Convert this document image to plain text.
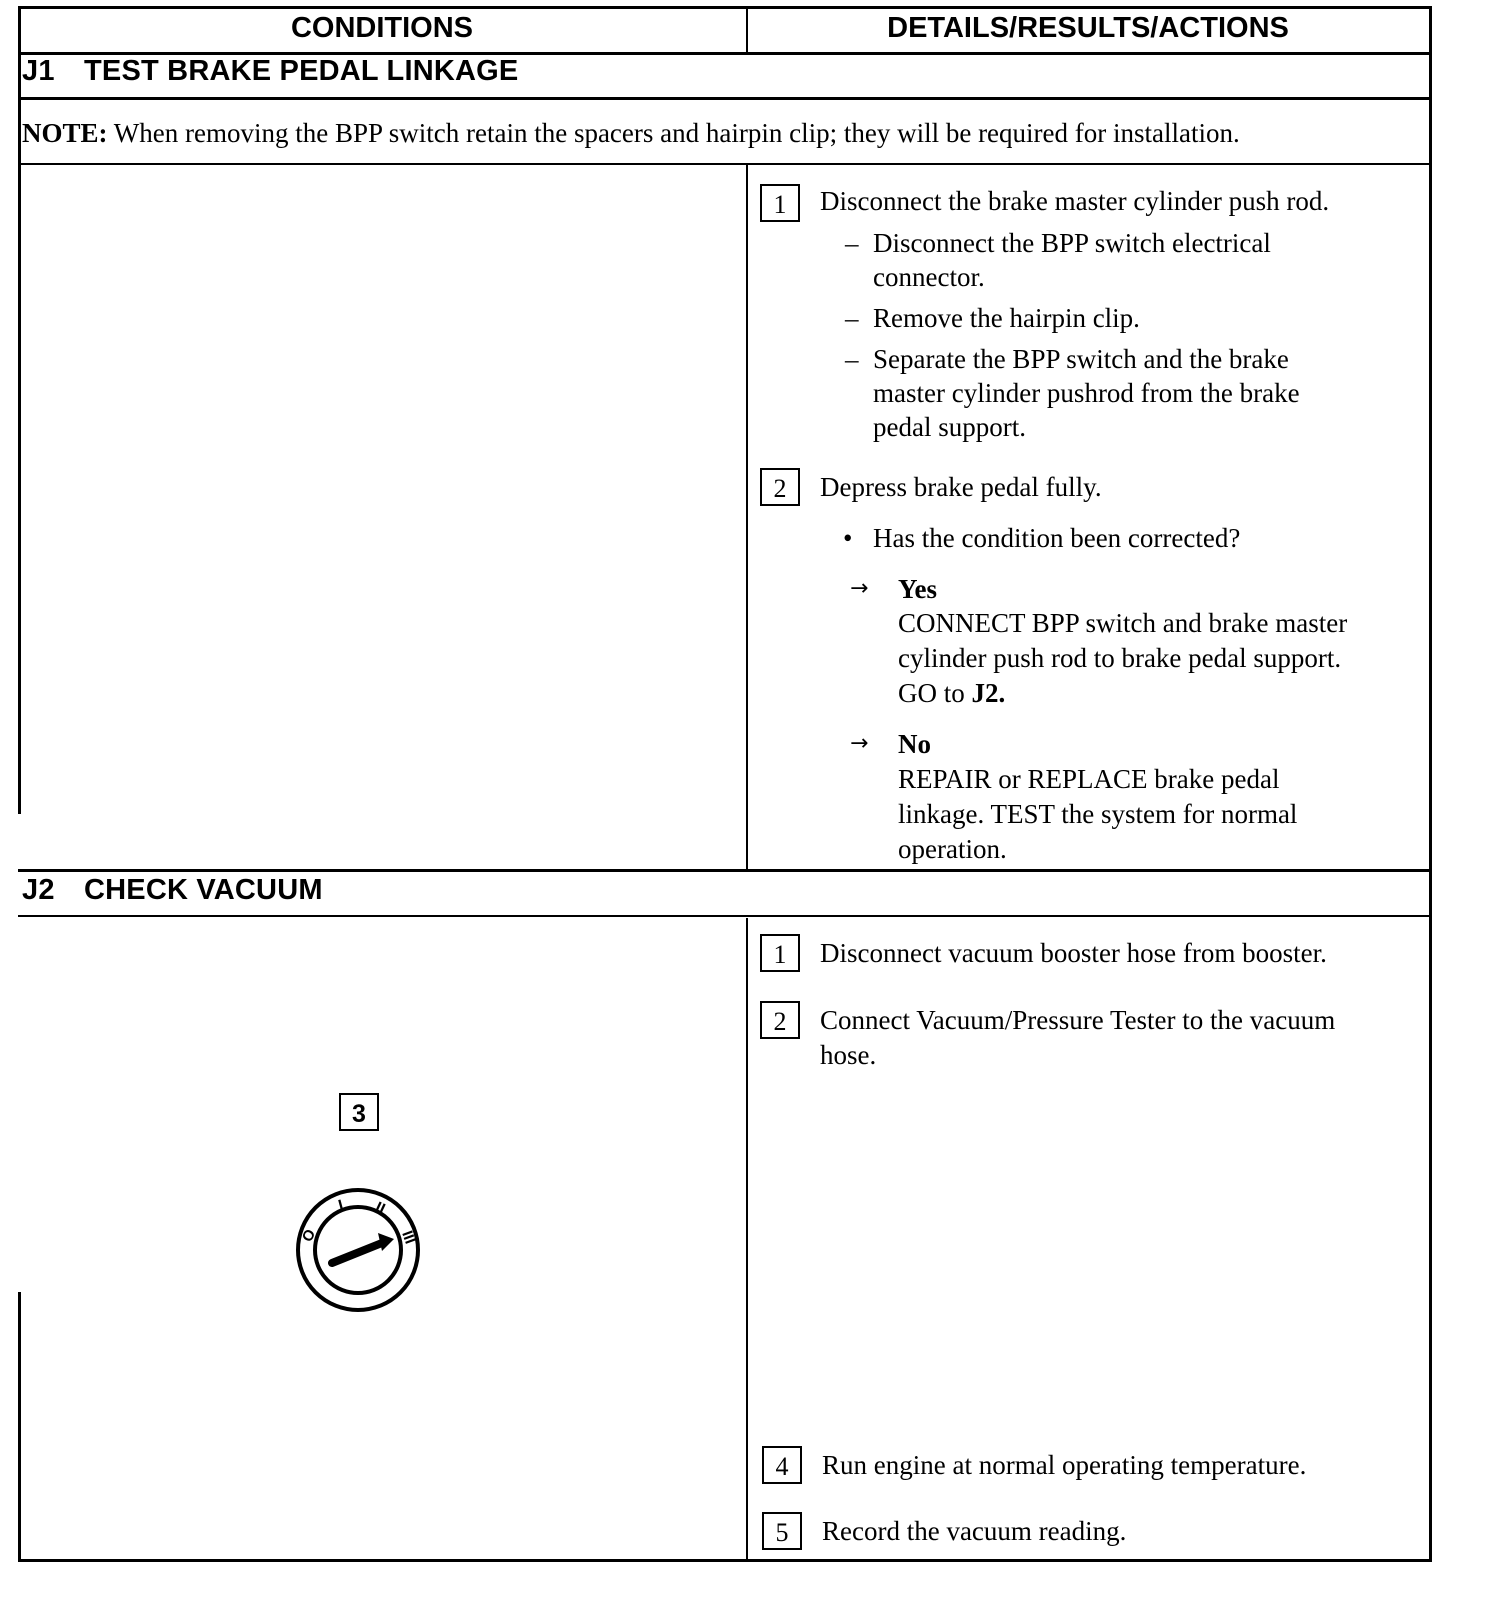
CONDITIONS	DETAILS/RESULTS/ACTIONS
J1 TEST BRAKE PEDAL LINKAGE
NOTE: When removing the BPP switch retain the spacers and hairpin clip; they will be required for installation.
1	Disconnect the brake master cylinder push rod.
– Disconnect the BPP switch electrical
connector.
– Remove the hairpin clip.
– Separate the BPP switch and the brake
master cylinder pushrod from the brake
pedal support.
2	Depress brake pedal fully.
• Has the condition been corrected?
→ Yes
CONNECT BPP switch and brake master
cylinder push rod to brake pedal support.
GO to J2.
→ No
REPAIR or REPLACE brake pedal
linkage. TEST the system for normal
operation.
J2 CHECK VACUUM
3
O
I II
III
1	Disconnect vacuum booster hose from booster.
2	Connect Vacuum/Pressure Tester to the vacuum
hose.
4	Run engine at normal operating temperature.
5	Record the vacuum reading.
